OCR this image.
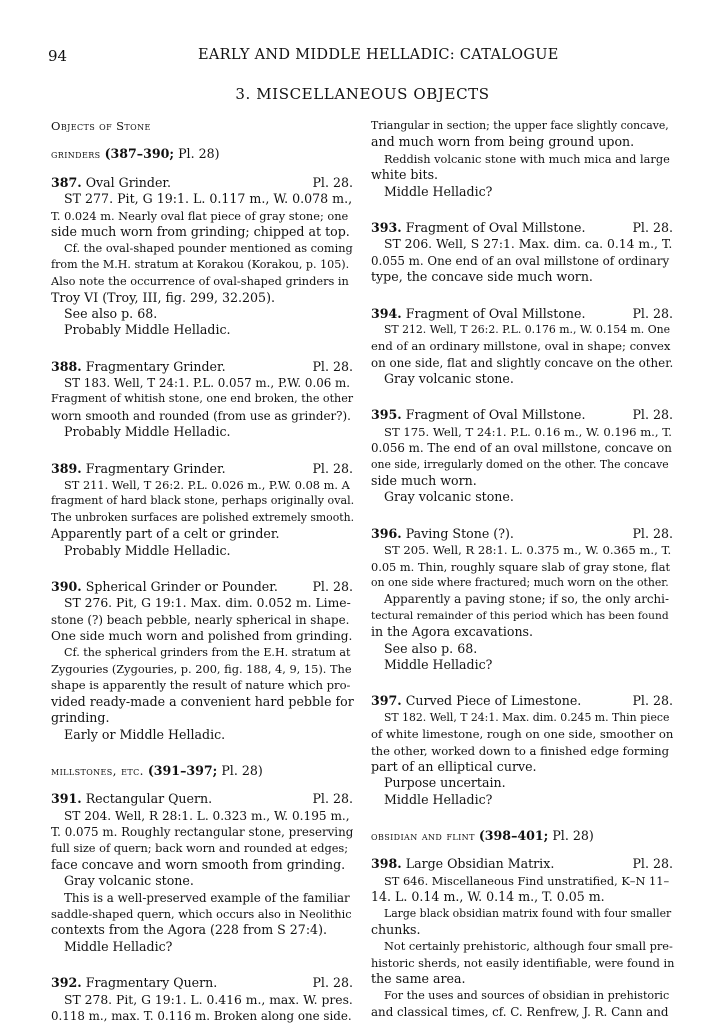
94	EARLY AND MIDDLE HELLADIC: CATALOGUE
3. MISCELLANEOUS OBJECTS
Objects of Stone
grinders (387–390; Pl. 28)
387. Oval Grinder.	Pl. 28.
ST 277. Pit, G 19:1. L. 0.117 m., W. 0.078 m.,
T. 0.024 m. Nearly oval flat piece of gray stone; one
side much worn from grinding; chipped at top.
Cf. the oval-shaped pounder mentioned as coming
from the M.H. stratum at Korakou (Korakou, p. 105).
Also note the occurrence of oval-shaped grinders in
Troy VI (Troy, III, fig. 299, 32.205).
See also p. 68.
Probably Middle Helladic.
388. Fragmentary Grinder.	Pl. 28.
ST 183. Well, T 24:1. P.L. 0.057 m., P.W. 0.06 m.
Fragment of whitish stone, one end broken, the other
worn smooth and rounded (from use as grinder?).
Probably Middle Helladic.
389. Fragmentary Grinder.	Pl. 28.
ST 211. Well, T 26:2. P.L. 0.026 m., P.W. 0.08 m. A
fragment of hard black stone, perhaps originally oval.
The unbroken surfaces are polished extremely smooth.
Apparently part of a celt or grinder.
Probably Middle Helladic.
390. Spherical Grinder or Pounder.	Pl. 28.
ST 276. Pit, G 19:1. Max. dim. 0.052 m. Lime-
stone (?) beach pebble, nearly spherical in shape.
One side much worn and polished from grinding.
Cf. the spherical grinders from the E.H. stratum at
Zygouries (Zygouries, p. 200, fig. 188, 4, 9, 15). The
shape is apparently the result of nature which pro-
vided ready-made a convenient hard pebble for
grinding.
Early or Middle Helladic.
millstones, etc. (391–397; Pl. 28)
391. Rectangular Quern.	Pl. 28.
ST 204. Well, R 28:1. L. 0.323 m., W. 0.195 m.,
T. 0.075 m. Roughly rectangular stone, preserving
full size of quern; back worn and rounded at edges;
face concave and worn smooth from grinding.
Gray volcanic stone.
This is a well-preserved example of the familiar
saddle-shaped quern, which occurs also in Neolithic
contexts from the Agora (228 from S 27:4).
Middle Helladic?
392. Fragmentary Quern.	Pl. 28.
ST 278. Pit, G 19:1. L. 0.416 m., max. W. pres.
0.118 m., max. T. 0.116 m. Broken along one side.
Triangular in section; the upper face slightly concave,
and much worn from being ground upon.
Reddish volcanic stone with much mica and large
white bits.
Middle Helladic?
393. Fragment of Oval Millstone.	Pl. 28.
ST 206. Well, S 27:1. Max. dim. ca. 0.14 m., T.
0.055 m. One end of an oval millstone of ordinary
type, the concave side much worn.
394. Fragment of Oval Millstone.	Pl. 28.
ST 212. Well, T 26:2. P.L. 0.176 m., W. 0.154 m. One
end of an ordinary millstone, oval in shape; convex
on one side, flat and slightly concave on the other.
Gray volcanic stone.
395. Fragment of Oval Millstone.	Pl. 28.
ST 175. Well, T 24:1. P.L. 0.16 m., W. 0.196 m., T.
0.056 m. The end of an oval millstone, concave on
one side, irregularly domed on the other. The concave
side much worn.
Gray volcanic stone.
396. Paving Stone (?).	Pl. 28.
ST 205. Well, R 28:1. L. 0.375 m., W. 0.365 m., T.
0.05 m. Thin, roughly square slab of gray stone, flat
on one side where fractured; much worn on the other.
Apparently a paving stone; if so, the only archi-
tectural remainder of this period which has been found
in the Agora excavations.
See also p. 68.
Middle Helladic?
397. Curved Piece of Limestone.	Pl. 28.
ST 182. Well, T 24:1. Max. dim. 0.245 m. Thin piece
of white limestone, rough on one side, smoother on
the other, worked down to a finished edge forming
part of an elliptical curve.
Purpose uncertain.
Middle Helladic?
obsidian and flint (398–401; Pl. 28)
398. Large Obsidian Matrix.	Pl. 28.
ST 646. Miscellaneous Find unstratified, K–N 11–
14. L. 0.14 m., W. 0.14 m., T. 0.05 m.
Large black obsidian matrix found with four smaller
chunks.
Not certainly prehistoric, although four small pre-
historic sherds, not easily identifiable, were found in
the same area.
For the uses and sources of obsidian in prehistoric
and classical times, cf. C. Renfrew, J. R. Cann and
